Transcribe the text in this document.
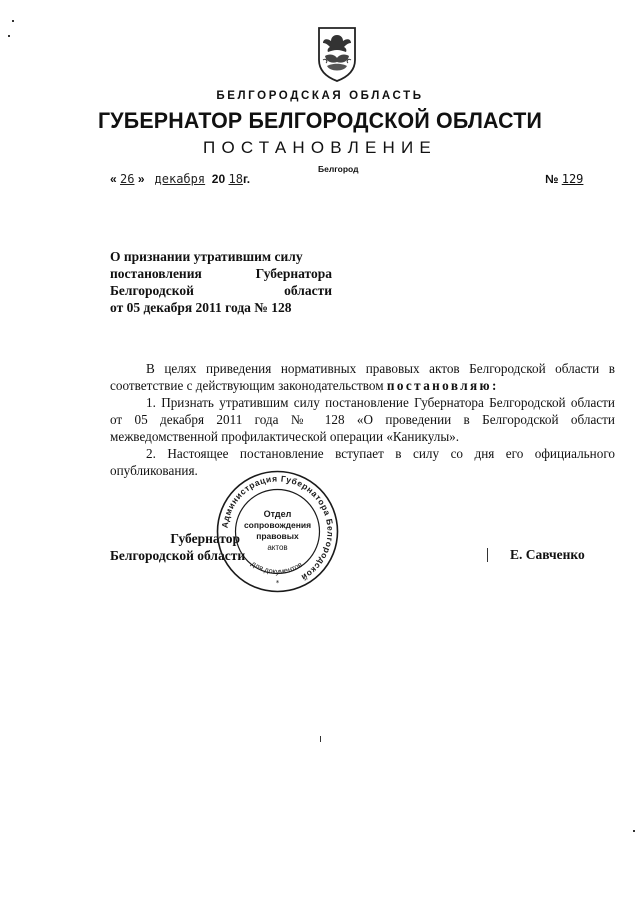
БЕЛГОРОДСКАЯ ОБЛАСТЬ
ГУБЕРНАТОР БЕЛГОРОДСКОЙ ОБЛАСТИ
ПОСТАНОВЛЕНИЕ
Белгород
« 26 » декабря 20 18г.	№ 129
О признании утратившим силу
постановления Губернатора
Белгородской области
от 05 декабря 2011 года № 128

В целях приведения нормативных правовых актов Белгородской области в соответствие с действующим законодательством постановляю:

1. Признать утратившим силу постановление Губернатора Белгородской области от 05 декабря 2011 года № 128 «О проведении в Белгородской области межведомственной профилактической операции «Каникулы».

2. Настоящее постановление вступает в силу со дня его официального опубликования.

Губернатор
Белгородской области	Е. Савченко
Администрация Губернатора Белгородской
для документов
Отдел
сопровождения
правовых
актов
*
